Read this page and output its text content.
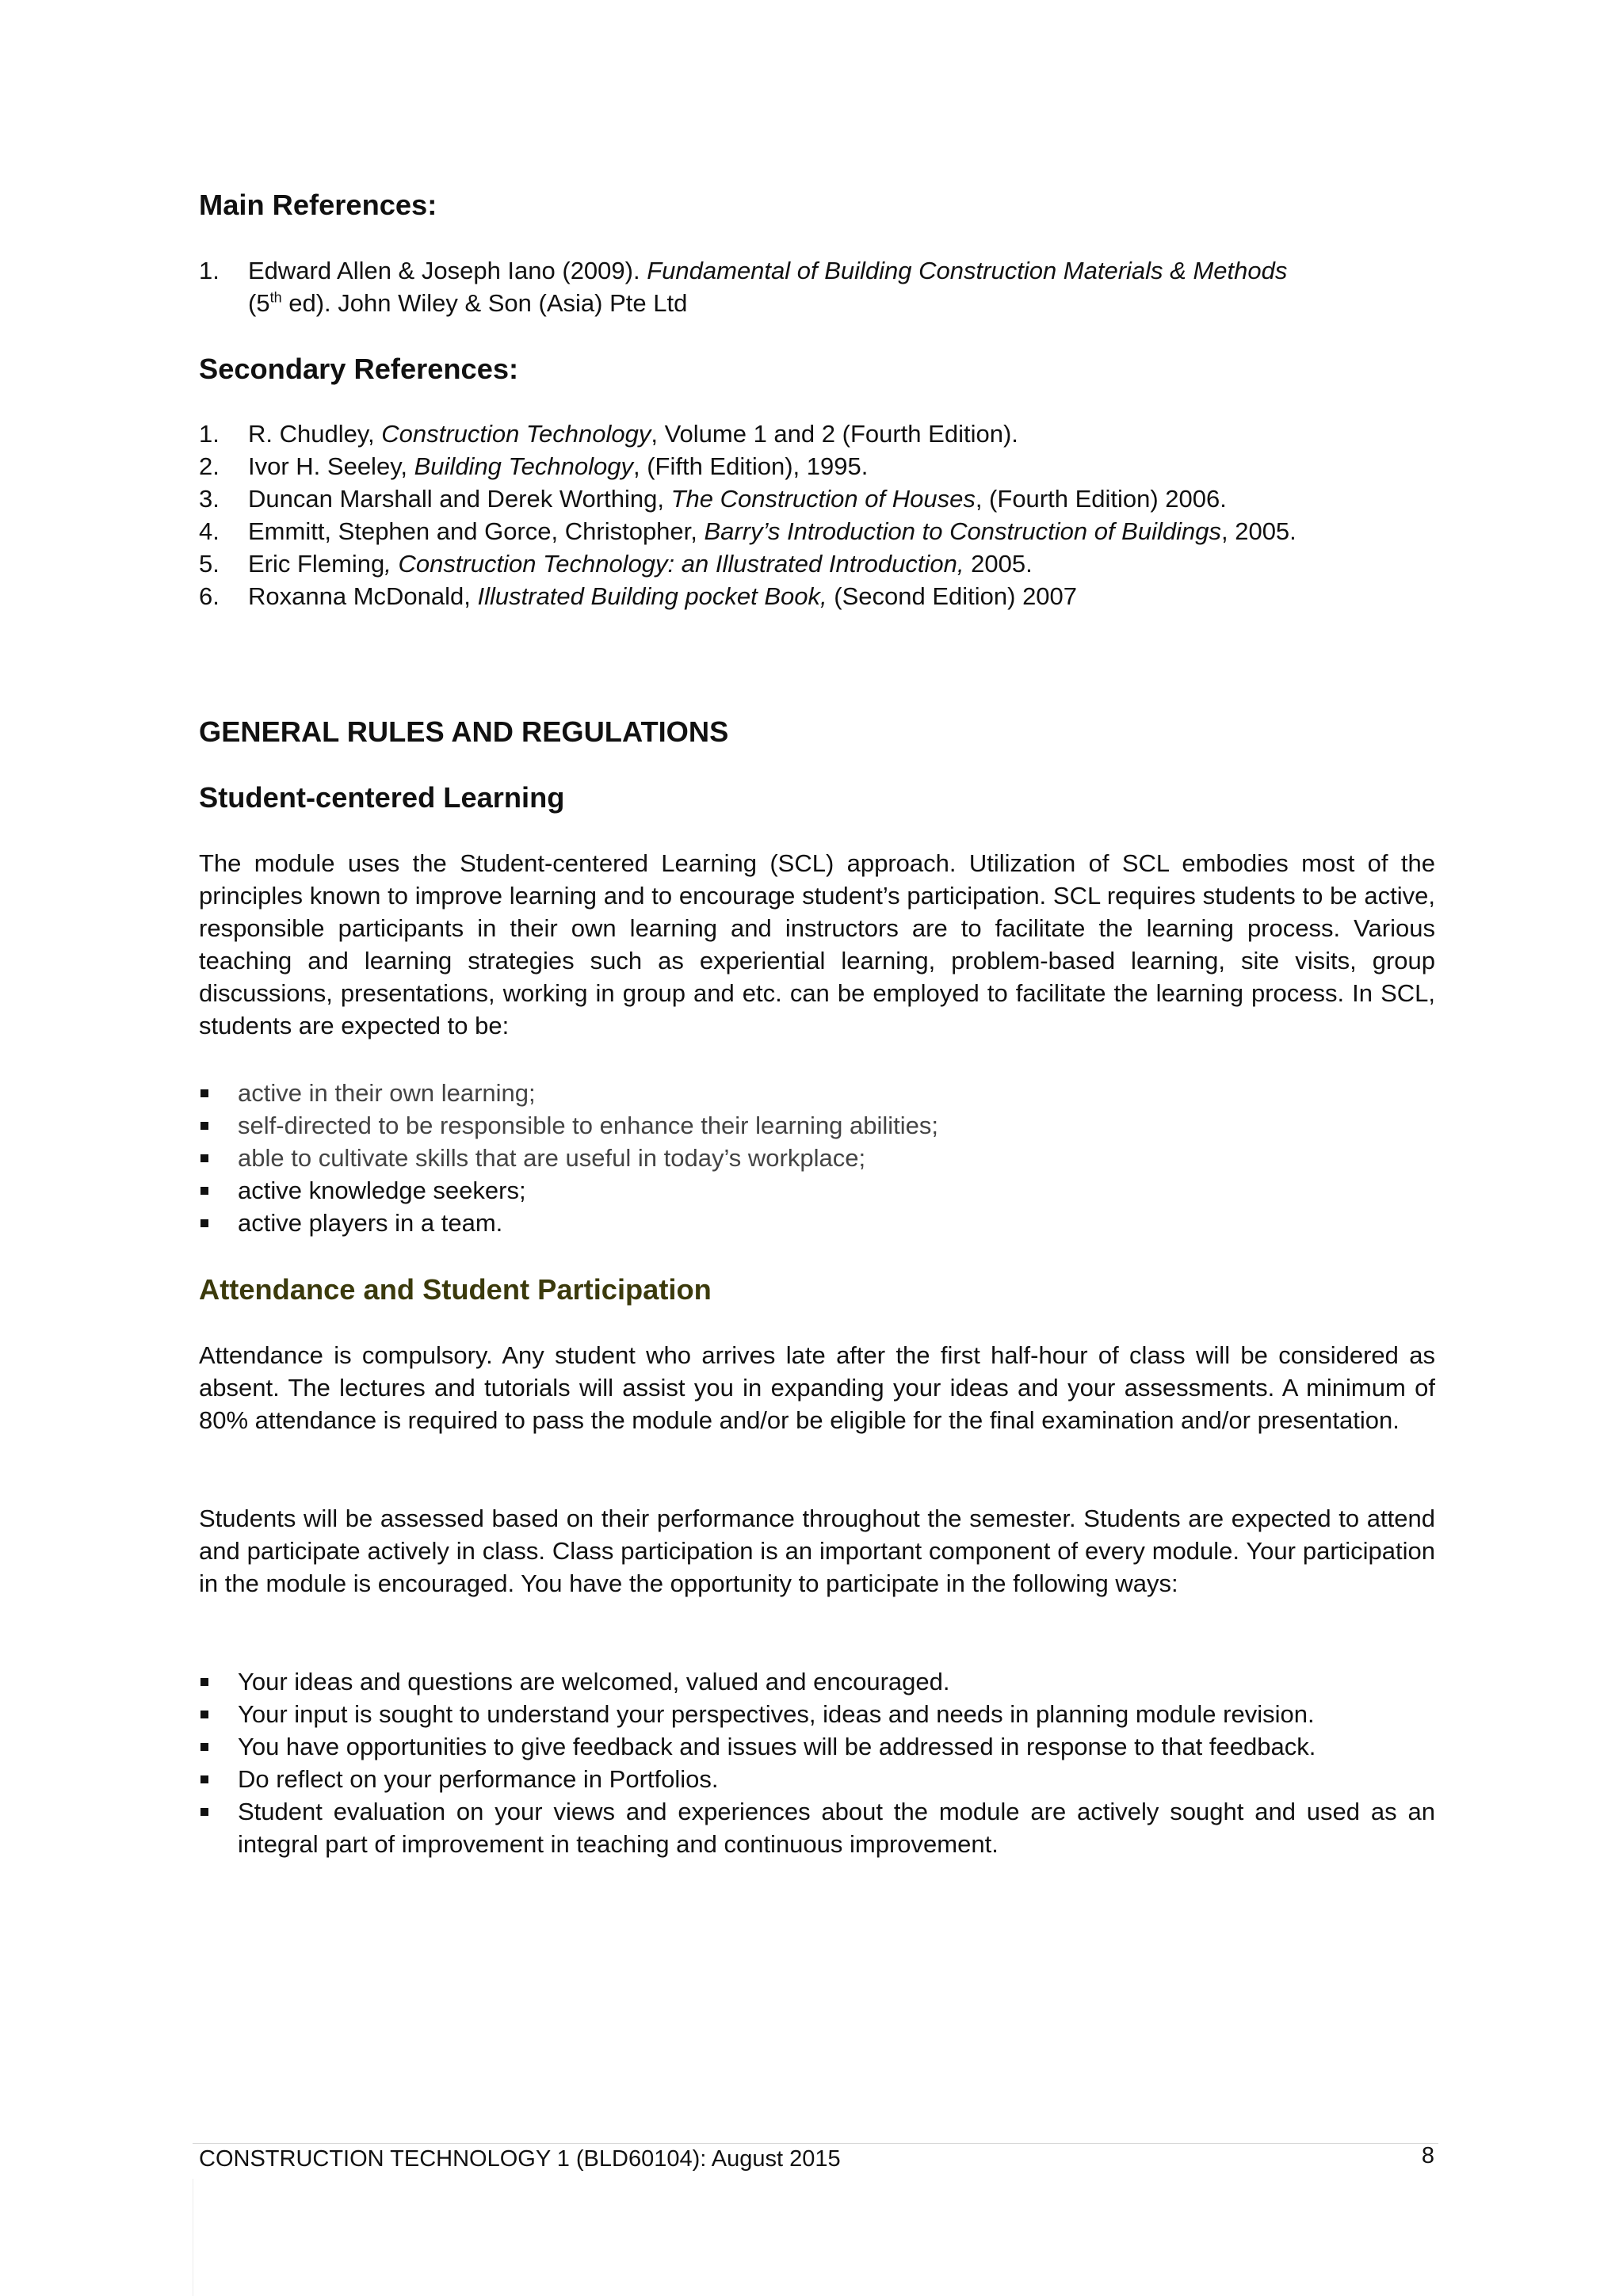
Main References:
1. Edward Allen & Joseph Iano (2009). Fundamental of Building Construction Materials & Methods
(5th ed). John Wiley & Son (Asia) Pte Ltd
Secondary References:
1. R. Chudley, Construction Technology, Volume 1 and 2 (Fourth Edition).
2. Ivor H. Seeley, Building Technology, (Fifth Edition), 1995.
3. Duncan Marshall and Derek Worthing, The Construction of Houses, (Fourth Edition) 2006.
4. Emmitt, Stephen and Gorce, Christopher, Barry’s Introduction to Construction of Buildings, 2005.
5. Eric Fleming, Construction Technology: an Illustrated Introduction, 2005.
6. Roxanna McDonald, Illustrated Building pocket Book, (Second Edition) 2007
GENERAL RULES AND REGULATIONS
Student-centered Learning

The module uses the Student-centered Learning (SCL) approach. Utilization of SCL embodies most of the principles known to improve learning and to encourage student’s participation. SCL requires students to be active, responsible participants in their own learning and instructors are to facilitate the learning process. Various teaching and learning strategies such as experiential learning, problem-based learning, site visits, group discussions, presentations, working in group and etc. can be employed to facilitate the learning process. In SCL, students are expected to be:

active in their own learning;
self-directed to be responsible to enhance their learning abilities;
able to cultivate skills that are useful in today’s workplace;
active knowledge seekers;
active players in a team.
Attendance and Student Participation

Attendance is compulsory. Any student who arrives late after the first half-hour of class will be considered as absent. The lectures and tutorials will assist you in expanding your ideas and your assessments. A minimum of 80% attendance is required to pass the module and/or be eligible for the final examination and/or presentation.

Students will be assessed based on their performance throughout the semester. Students are expected to attend and participate actively in class. Class participation is an important component of every module. Your participation in the module is encouraged. You have the opportunity to participate in the following ways:

Your ideas and questions are welcomed, valued and encouraged.
Your input is sought to understand your perspectives, ideas and needs in planning module revision.
You have opportunities to give feedback and issues will be addressed in response to that feedback.
Do reflect on your performance in Portfolios.
Student evaluation on your views and experiences about the module are actively sought and used as an integral part of improvement in teaching and continuous improvement.
CONSTRUCTION TECHNOLOGY 1 (BLD60104): August 2015	8
